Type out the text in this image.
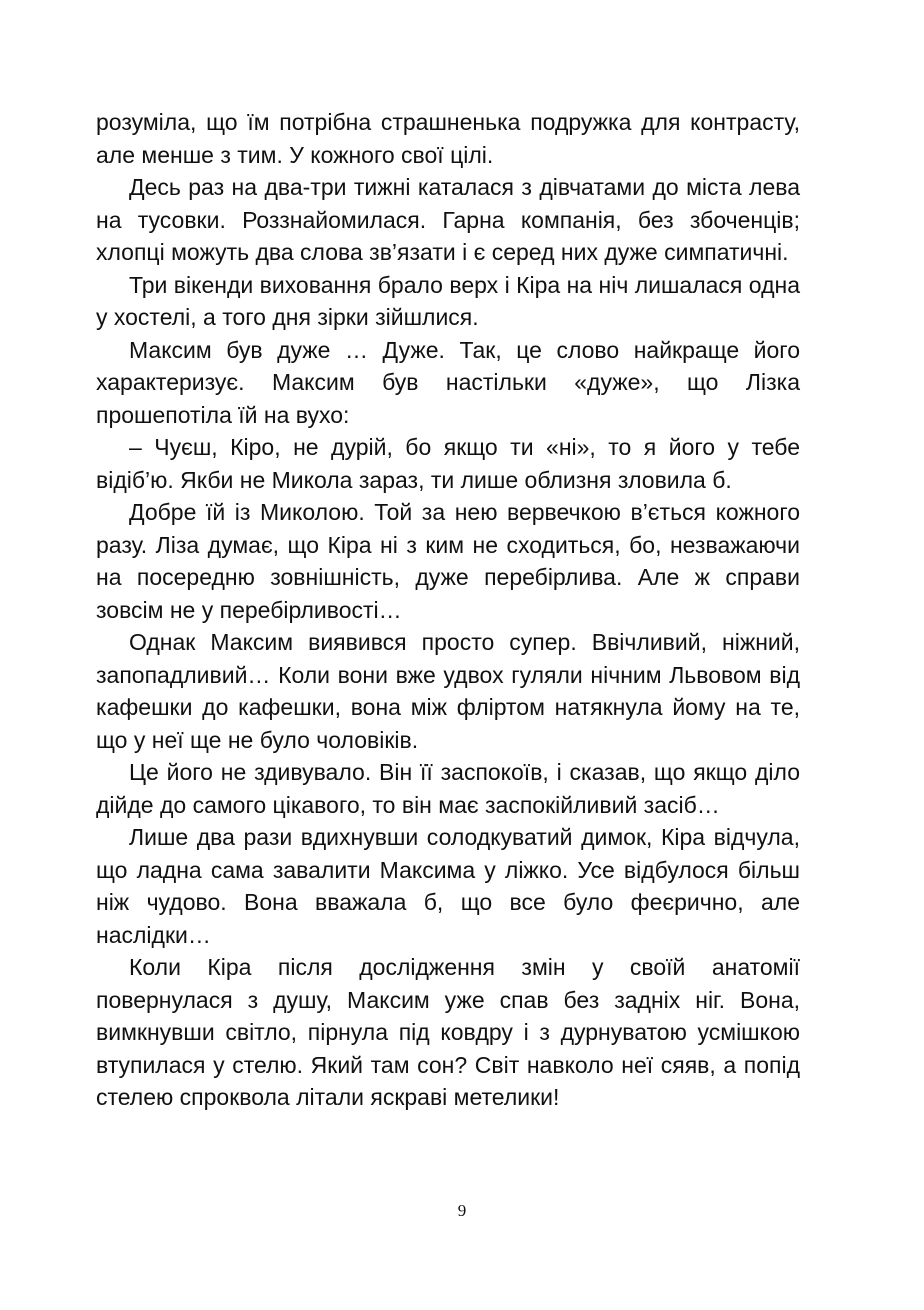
розуміла, що їм потрібна страшненька подружка для контрасту, але менше з тим. У кожного свої цілі.

Десь раз на два-три тижні каталася з дівчатами до міста лева на тусовки. Роззнайомилася. Гарна компанія, без збоченців; хлопці можуть два слова зв’язати і є серед них дуже симпатичні.

Три вікенди виховання брало верх і Кіра на ніч лишалася одна у хостелі, а того дня зірки зійшлися.

Максим був дуже … Дуже. Так, це слово найкраще його характеризує. Максим був настільки «дуже», що Лізка прошепотіла їй на вухо:

– Чуєш, Кіро, не дурій, бо якщо ти «ні», то я його у тебе відіб’ю. Якби не Микола зараз, ти лише облизня зловила б.

Добре їй із Миколою. Той за нею вервечкою в’ється кожного разу. Ліза думає, що Кіра ні з ким не сходиться, бо, незважаючи на посередню зовнішність, дуже перебірлива. Але ж справи зовсім не у перебірливості…

Однак Максим виявився просто супер. Ввічливий, ніжний, запопадливий… Коли вони вже удвох гуляли нічним Львовом від кафешки до кафешки, вона між фліртом натякнула йому на те, що у неї ще не було чоловіків.

Це його не здивувало. Він її заспокоїв, і сказав, що якщо діло дійде до самого цікавого, то він має заспокійливий засіб…

Лише два рази вдихнувши солодкуватий димок, Кіра відчула, що ладна сама завалити Максима у ліжко. Усе відбулося більш ніж чудово. Вона вважала б, що все було феєрично, але наслідки…

Коли Кіра після дослідження змін у своїй анатомії повернулася з душу, Максим уже спав без задніх ніг. Вона, вимкнувши світло, пірнула під ковдру і з дурнуватою усмішкою втупилася у стелю. Який там сон? Світ навколо неї сяяв, а попід стелею спроквола літали яскраві метелики!

9
